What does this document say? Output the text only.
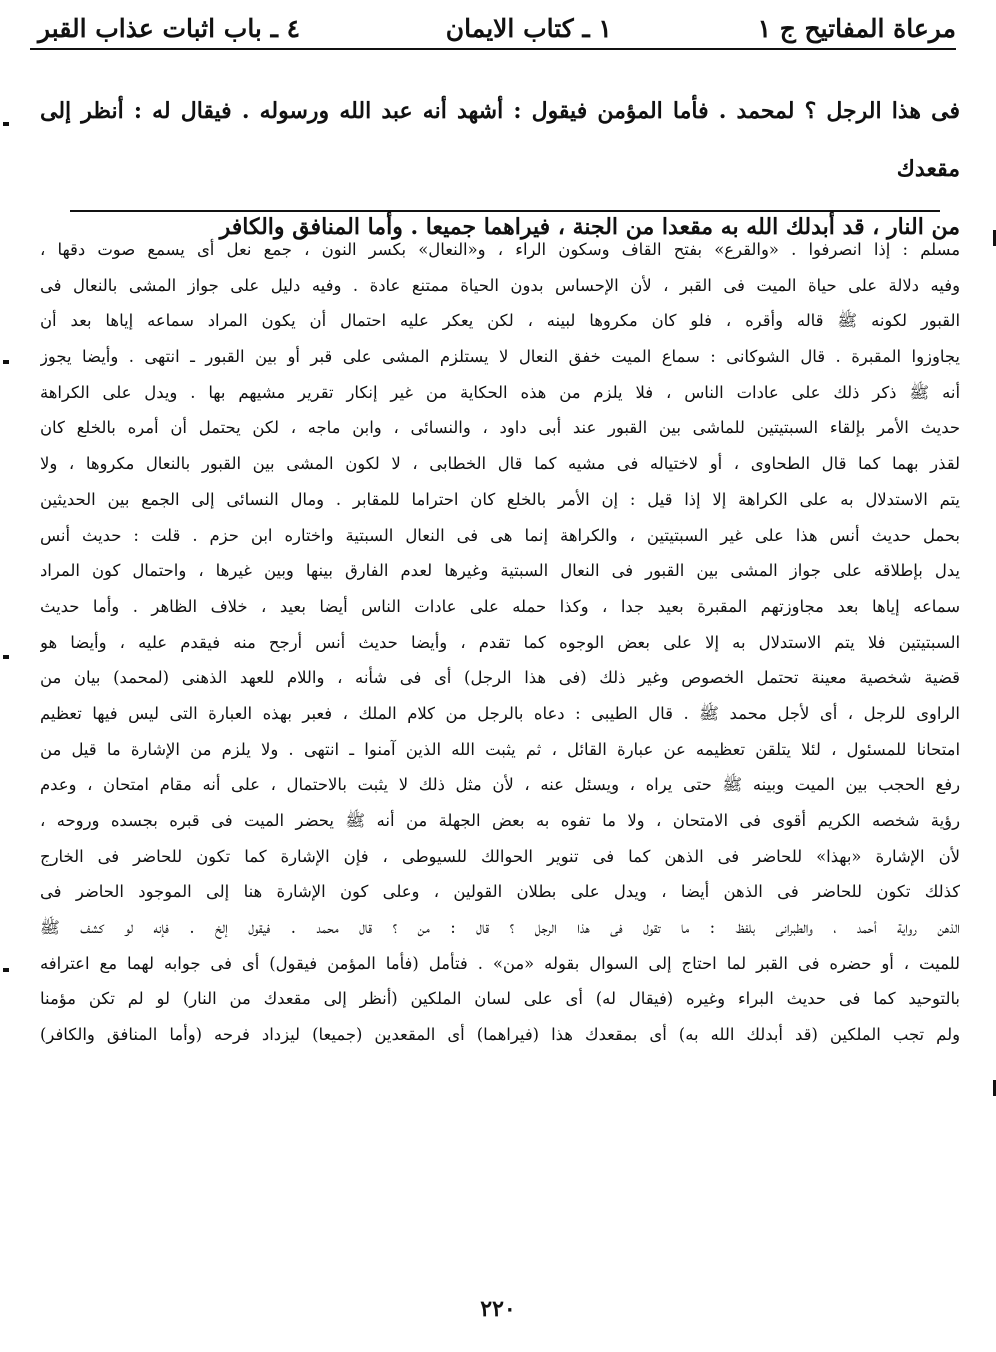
مرعاة المفاتيح ج ١
١ ـ كتاب الايمان
٤ ـ باب اثبات عذاب القبر

فى هذا الرجل ؟ لمحمد . فأما المؤمن فيقول : أشهد أنه عبد الله ورسوله . فيقال له : أنظر إلى مقعدك

من النار ، قد أبدلك الله به مقعدا من الجنة ، فيراهما جميعا . وأما المنافق والكافر

مسلم : إذا انصرفوا . «والقرع» بفتح القاف وسكون الراء ، و«النعال» بكسر النون ، جمع نعل أى يسمع صوت دقها ،
وفيه دلالة على حياة الميت فى القبر ، لأن الإحساس بدون الحياة ممتنع عادة . وفيه دليل على جواز المشى بالنعال فى
القبور لكونه ﷺ قاله وأقره ، فلو كان مكروها لبينه ، لكن يعكر عليه احتمال أن يكون المراد سماعه إياها بعد أن
يجاوزوا المقبرة . قال الشوكانى : سماع الميت خفق النعال لا يستلزم المشى على قبر أو بين القبور ـ انتهى . وأيضا يجوز
أنه ﷺ ذكر ذلك على عادات الناس ، فلا يلزم من هذه الحكاية من غير إنكار تقرير مشيهم بها . ويدل على الكراهة
حديث الأمر بإلقاء السبتيتين للماشى بين القبور عند أبى داود ، والنسائى ، وابن ماجه ، لكن يحتمل أن أمره بالخلع كان
لقذر بهما كما قال الطحاوى ، أو لاختياله فى مشيه كما قال الخطابى ، لا لكون المشى بين القبور بالنعال مكروها ، ولا
يتم الاستدلال به على الكراهة إلا إذا قيل : إن الأمر بالخلع كان احتراما للمقابر . ومال النسائى إلى الجمع بين الحديثين
بحمل حديث أنس هذا على غير السبتيتين ، والكراهة إنما هى فى النعال السبتية واختاره ابن حزم . قلت : حديث أنس
يدل بإطلاقه على جواز المشى بين القبور فى النعال السبتية وغيرها لعدم الفارق بينها وبين غيرها ، واحتمال كون المراد
سماعه إياها بعد مجاوزتهم المقبرة بعيد جدا ، وكذا حمله على عادات الناس أيضا بعيد ، خلاف الظاهر . وأما حديث
السبتيتين فلا يتم الاستدلال به إلا على بعض الوجوه كما تقدم ، وأيضا حديث أنس أرجح منه فيقدم عليه ، وأيضا هو
قضية شخصية معينة تحتمل الخصوص وغير ذلك (فى هذا الرجل) أى فى شأنه ، واللام للعهد الذهنى (لمحمد) بيان من
الراوى للرجل ، أى لأجل محمد ﷺ . قال الطيبى : دعاه بالرجل من كلام الملك ، فعبر بهذه العبارة التى ليس فيها تعظيم
امتحانا للمسئول ، لئلا يتلقن تعظيمه عن عبارة القائل ، ثم يثبت الله الذين آمنوا ـ انتهى . ولا يلزم من الإشارة ما قيل من
رفع الحجب بين الميت وبينه ﷺ حتى يراه ، ويسئل عنه ، لأن مثل ذلك لا يثبت بالاحتمال ، على أنه مقام امتحان ، وعدم
رؤية شخصه الكريم أقوى فى الامتحان ، ولا ما تفوه به بعض الجهلة من أنه ﷺ يحضر الميت فى قبره بجسده وروحه ،
لأن الإشارة «بهذا» للحاضر فى الذهن كما فى تنوير الحوالك للسيوطى ، فإن الإشارة كما تكون للحاضر فى الخارج
كذلك تكون للحاضر فى الذهن أيضا ، ويدل على بطلان القولين ، وعلى كون الإشارة هنا إلى الموجود الحاضر فى
الذهن رواية أحمد ، والطبرانى بلفظ : ما تقول فى هذا الرجل ؟ قال : من ؟ قال محمد . فيقول إلخ . فإنه لو كشف ﷺ
للميت ، أو حضره فى القبر لما احتاج إلى السوال بقوله «من» . فتأمل (فأما المؤمن فيقول) أى فى جوابه لهما مع اعترافه
بالتوحيد كما فى حديث البراء وغيره (فيقال له) أى على لسان الملكين (أنظر إلى مقعدك من النار) لو لم تكن مؤمنا
ولم تجب الملكين (قد أبدلك الله به) أى بمقعدك هذا (فيراهما) أى المقعدين (جميعا) ليزداد فرحه (وأما المنافق والكافر)
٢٢٠
